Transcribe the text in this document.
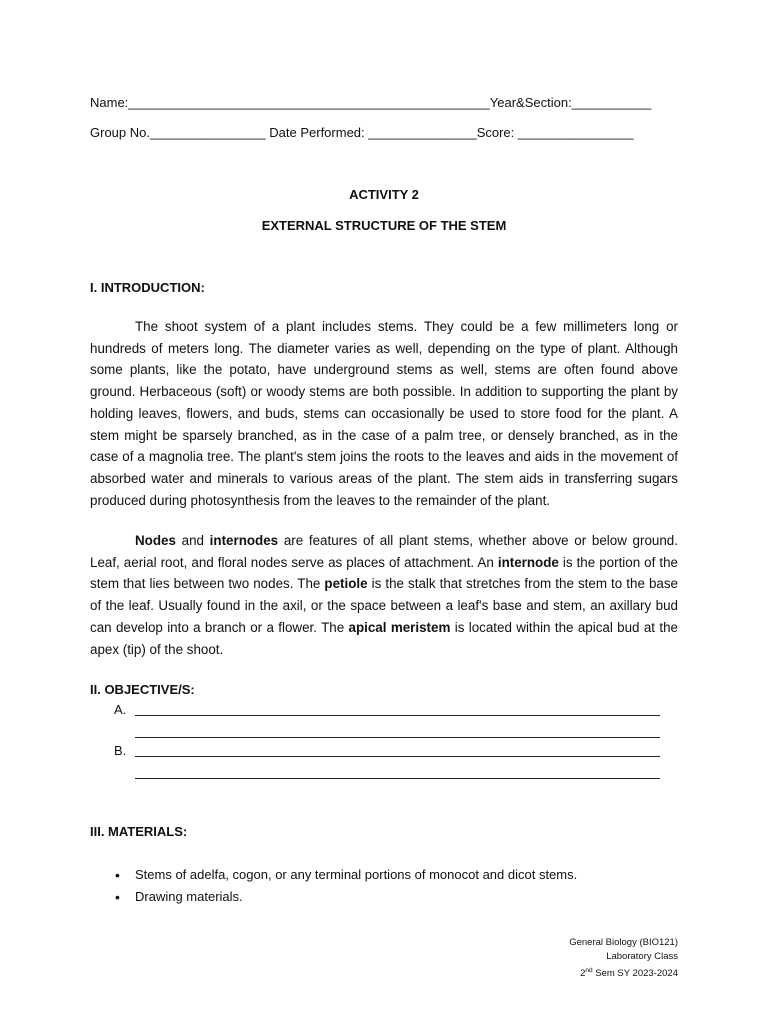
Name:__________________________________________________Year&Section:___________
Group No.________________ Date Performed: _______________Score: ________________
ACTIVITY 2
EXTERNAL STRUCTURE OF THE STEM
I. INTRODUCTION:
The shoot system of a plant includes stems. They could be a few millimeters long or hundreds of meters long. The diameter varies as well, depending on the type of plant. Although some plants, like the potato, have underground stems as well, stems are often found above ground. Herbaceous (soft) or woody stems are both possible. In addition to supporting the plant by holding leaves, flowers, and buds, stems can occasionally be used to store food for the plant. A stem might be sparsely branched, as in the case of a palm tree, or densely branched, as in the case of a magnolia tree. The plant's stem joins the roots to the leaves and aids in the movement of absorbed water and minerals to various areas of the plant. The stem aids in transferring sugars produced during photosynthesis from the leaves to the remainder of the plant.
Nodes and internodes are features of all plant stems, whether above or below ground. Leaf, aerial root, and floral nodes serve as places of attachment. An internode is the portion of the stem that lies between two nodes. The petiole is the stalk that stretches from the stem to the base of the leaf. Usually found in the axil, or the space between a leaf's base and stem, an axillary bud can develop into a branch or a flower. The apical meristem is located within the apical bud at the apex (tip) of the shoot.
II. OBJECTIVE/S:
A.
B.
III. MATERIALS:
• Stems of adelfa, cogon, or any terminal portions of monocot and dicot stems.
• Drawing materials.
General Biology (BIO121)
Laboratory Class
2nd Sem SY 2023-2024
